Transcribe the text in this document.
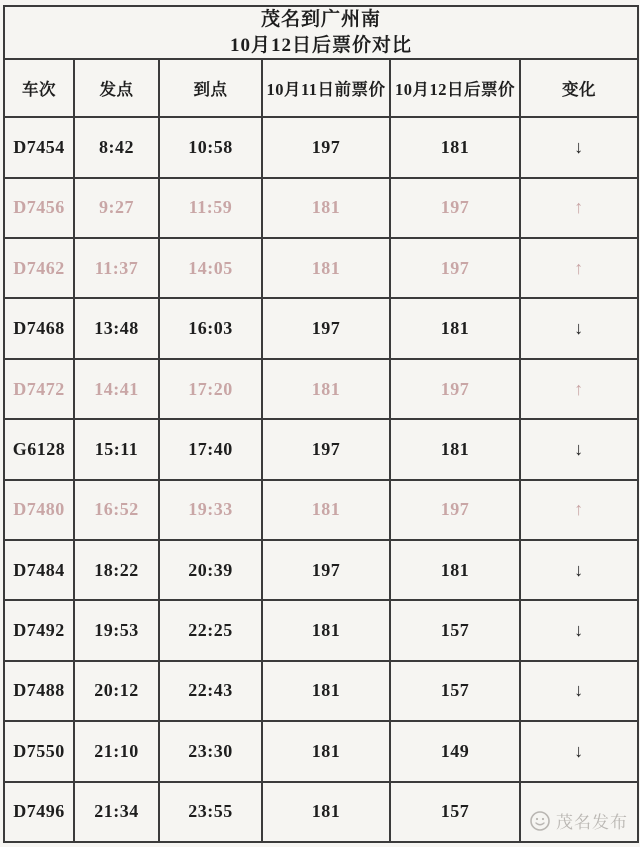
茂名到广州南
10月12日后票价对比					

车次	发点	到点	10月11日前票价	10月12日后票价	变化
D7454	8:42	10:58	197	181	↓
D7456	9:27	11:59	181	197	↑
D7462	11:37	14:05	181	197	↑
D7468	13:48	16:03	197	181	↓
D7472	14:41	17:20	181	197	↑
G6128	15:11	17:40	197	181	↓
D7480	16:52	19:33	181	197	↑
D7484	18:22	20:39	197	181	↓
D7492	19:53	22:25	181	157	↓
D7488	20:12	22:43	181	157	↓
D7550	21:10	23:30	181	149	↓
D7496	21:34	23:55	181	157	
茂名发布
